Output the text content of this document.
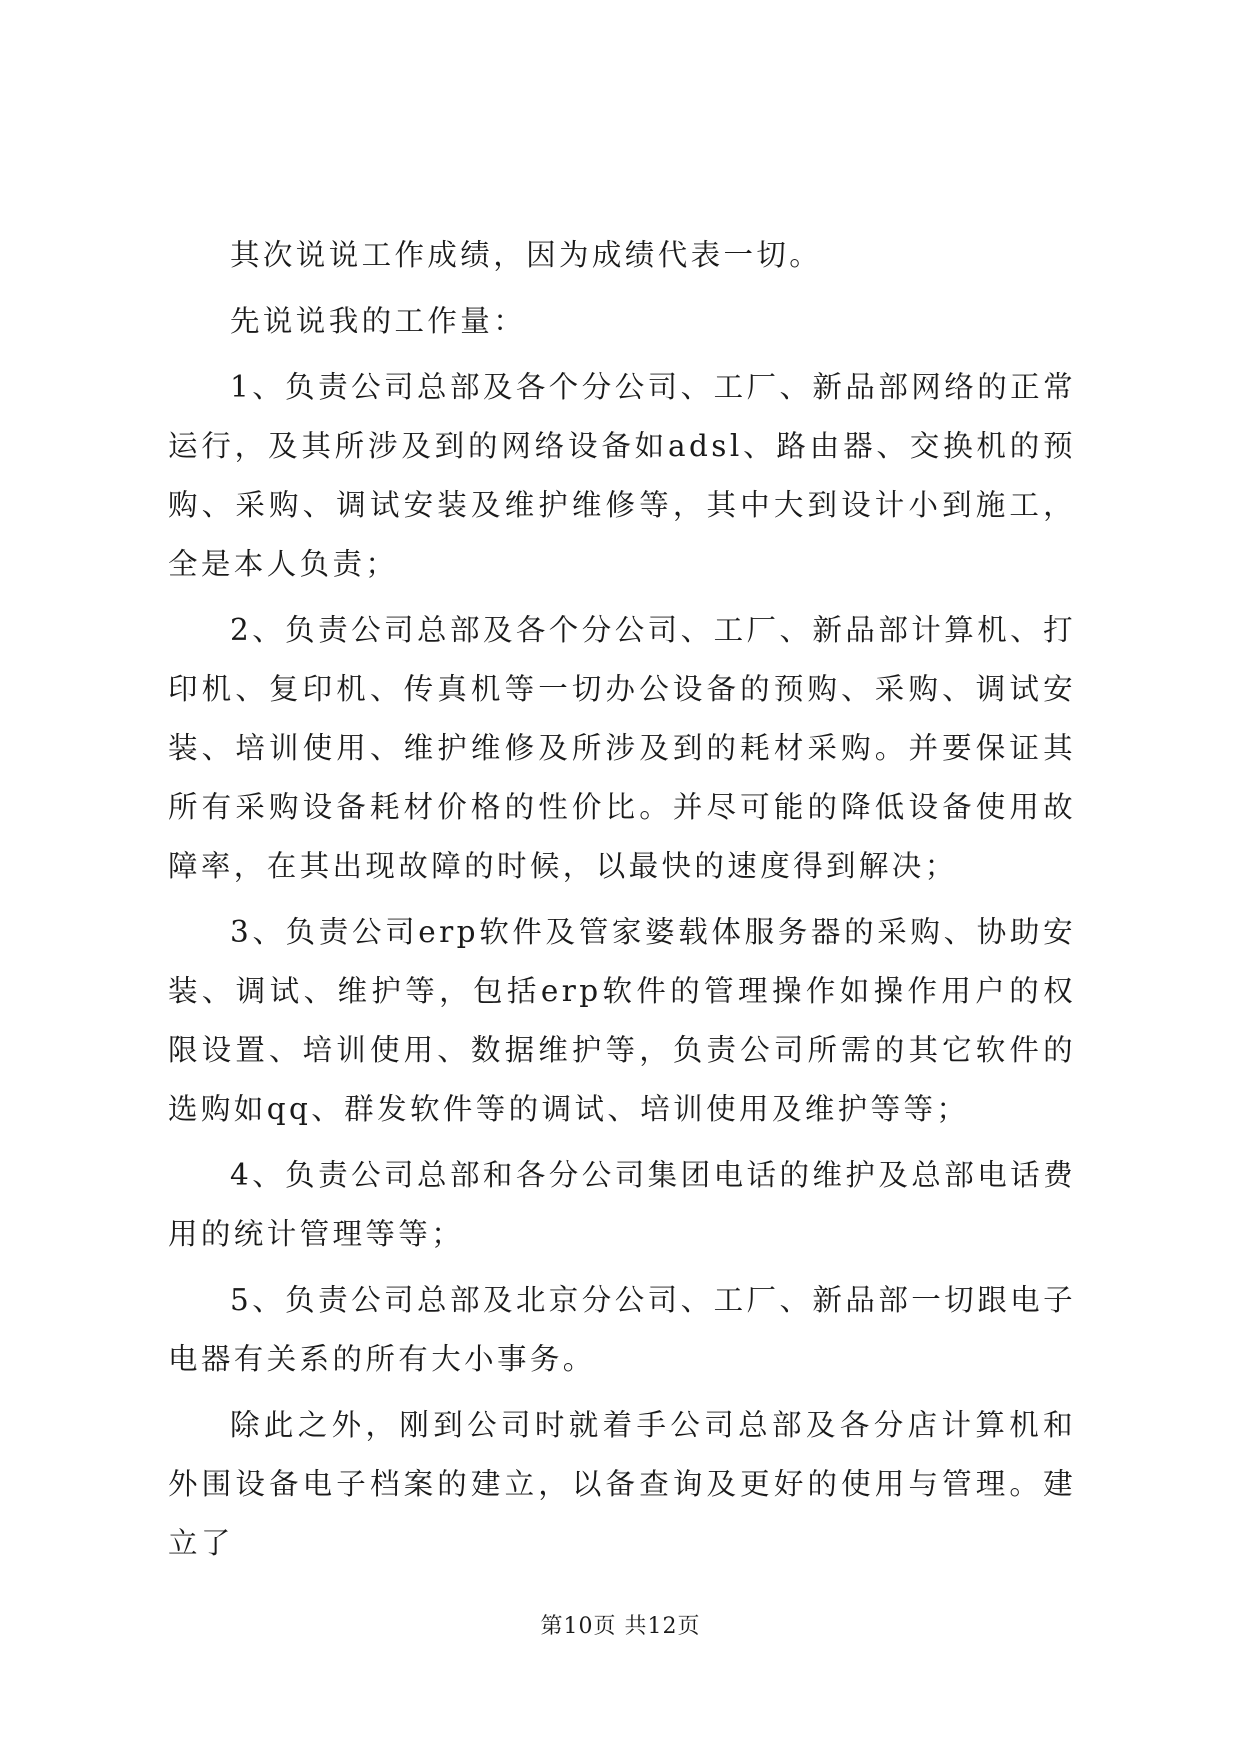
其次说说工作成绩，因为成绩代表一切。

先说说我的工作量：

1、负责公司总部及各个分公司、工厂、新品部网络的正常运行，及其所涉及到的网络设备如adsl、路由器、交换机的预购、采购、调试安装及维护维修等，其中大到设计小到施工，全是本人负责；

2、负责公司总部及各个分公司、工厂、新品部计算机、打印机、复印机、传真机等一切办公设备的预购、采购、调试安装、培训使用、维护维修及所涉及到的耗材采购。并要保证其所有采购设备耗材价格的性价比。并尽可能的降低设备使用故障率，在其出现故障的时候，以最快的速度得到解决；

3、负责公司erp软件及管家婆载体服务器的采购、协助安装、调试、维护等，包括erp软件的管理操作如操作用户的权限设置、培训使用、数据维护等，负责公司所需的其它软件的选购如qq、群发软件等的调试、培训使用及维护等等；

4、负责公司总部和各分公司集团电话的维护及总部电话费用的统计管理等等；

5、负责公司总部及北京分公司、工厂、新品部一切跟电子电器有关系的所有大小事务。

除此之外，刚到公司时就着手公司总部及各分店计算机和外围设备电子档案的建立，以备查询及更好的使用与管理。建立了

第10页 共12页
